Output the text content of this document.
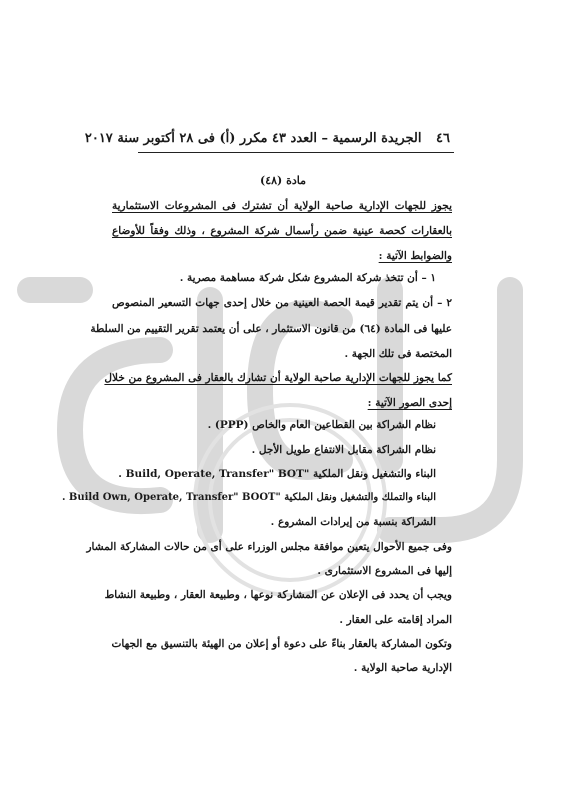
٤٦ الجريدة الرسمية – العدد ٤٣ مكرر (أ) فى ٢٨ أكتوبر سنة ٢٠١٧
مادة (٤٨)
يجوز للجهات الإدارية صاحبة الولاية أن تشترك فى المشروعات الاستثمارية
بالعقارات كحصة عينية ضمن رأسمال شركة المشروع ، وذلك وفقاً للأوضاع
والضوابط الآتية :
١ – أن تتخذ شركة المشروع شكل شركة مساهمة مصرية .
٢ – أن يتم تقدير قيمة الحصة العينية من خلال إحدى جهات التسعير المنصوص
عليها فى المادة (٦٤) من قانون الاستثمار ، على أن يعتمد تقرير التقييم من السلطة
المختصة فى تلك الجهة .
كما يجوز للجهات الإدارية صاحبة الولاية أن تشارك بالعقار فى المشروع من خلال
إحدى الصور الآتية :
نظام الشراكة بين القطاعين العام والخاص (PPP) .
نظام الشراكة مقابل الانتفاع طويل الأجل .
البناء والتشغيل ونقل الملكية "Build, Operate, Transfer" BOT .
البناء والتملك والتشغيل ونقل الملكية "Build Own, Operate, Transfer" BOOT .
الشراكة بنسبة من إيرادات المشروع .
وفى جميع الأحوال يتعين موافقة مجلس الوزراء على أى من حالات المشاركة المشار
إليها فى المشروع الاستثمارى .
ويجب أن يحدد فى الإعلان عن المشاركة نوعها ، وطبيعة العقار ، وطبيعة النشاط
المراد إقامته على العقار .
وتكون المشاركة بالعقار بناءً على دعوة أو إعلان من الهيئة بالتنسيق مع الجهات
الإدارية صاحبة الولاية .
